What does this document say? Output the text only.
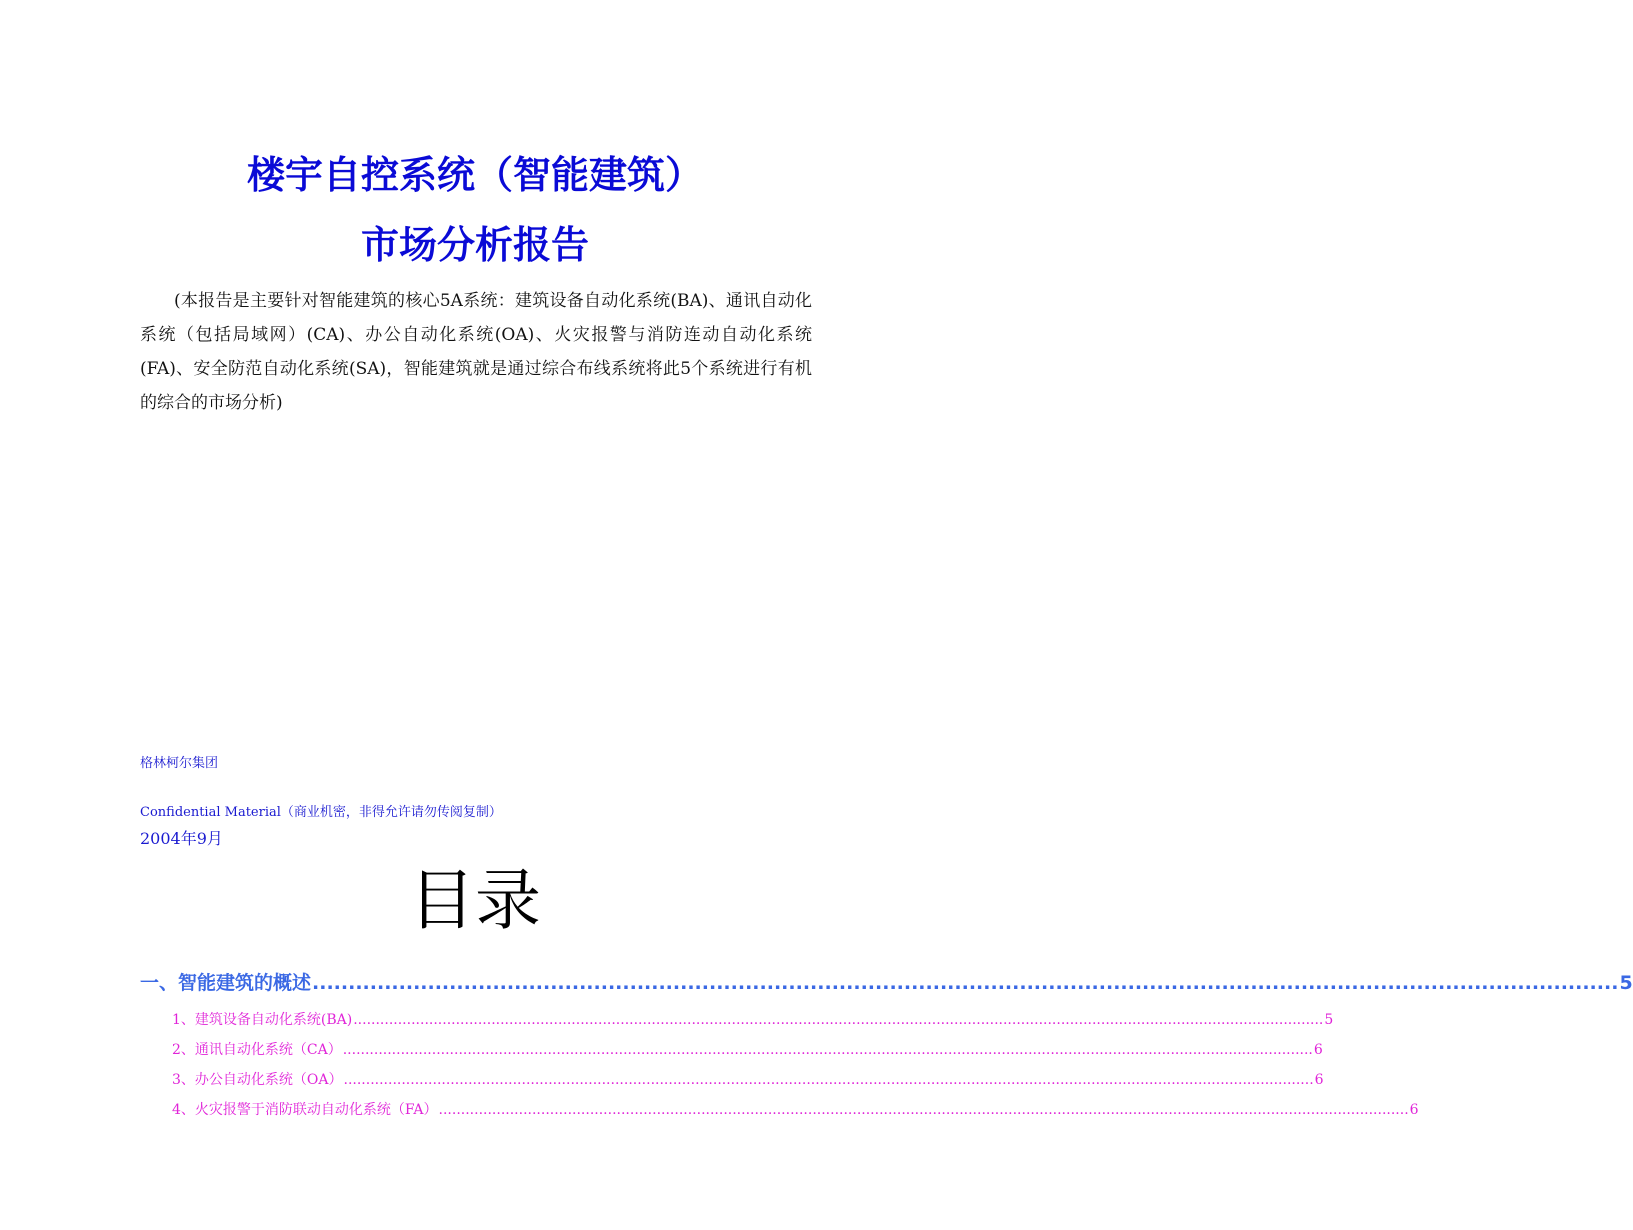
楼宇自控系统（智能建筑）
市场分析报告

(本报告是主要针对智能建筑的核心5A系统：建筑设备自动化系统(BA)、通讯自动化系统（包括局域网）(CA)、办公自动化系统(OA)、火灾报警与消防连动自动化系统(FA)、安全防范自动化系统(SA)，智能建筑就是通过综合布线系统将此5个系统进行有机的综合的市场分析)

格林柯尔集团
Confidential Material（商业机密，非得允许请勿传阅复制）
2004年9月
目录
一、智能建筑的概述 ..................................................................................................................................................................................... 5
1、建筑设备自动化系统(BA) .......................................................................................................................................................................................................................... 5
2、通讯自动化系统（CA） .......................................................................................................................................................................................................................... 6
3、办公自动化系统（OA） .......................................................................................................................................................................................................................... 6
4、火灾报警于消防联动自动化系统（FA） .......................................................................................................................................................................................................................... 6
